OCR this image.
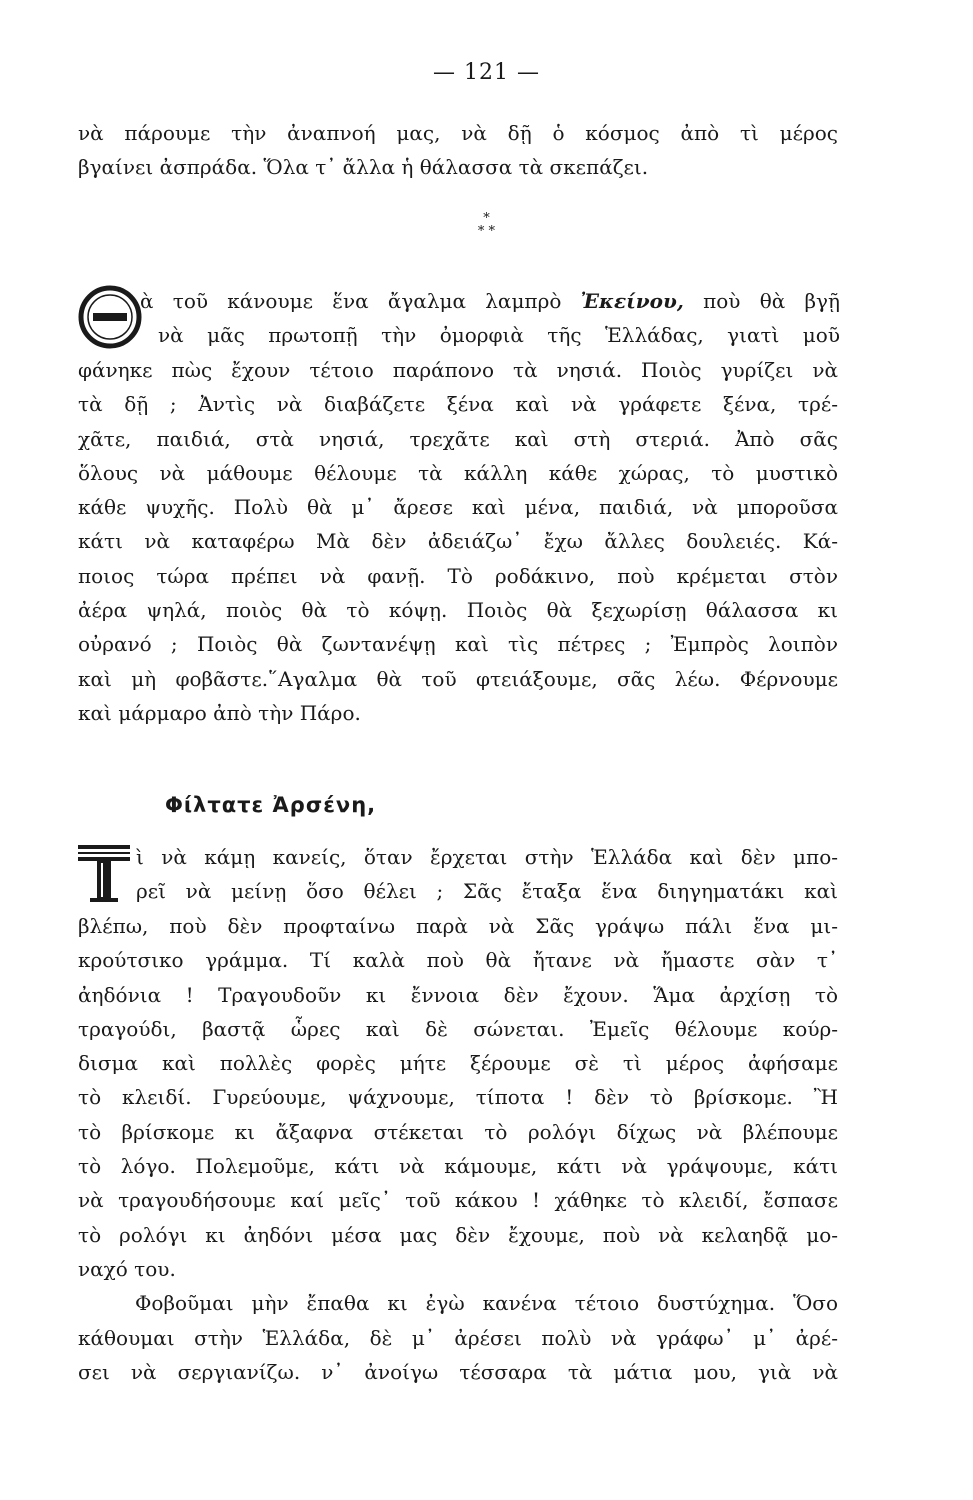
— 121 —
νὰ πάρουμε τὴν ἀναπνοή μας, νὰ δῇ ὁ κόσμος ἀπὸ τὶ μέρος
βγαίνει ἀσπράδα. Ὅλα τ᾽ ἄλλα ἡ θάλασσα τὰ σκεπάζει.
*
* *
ὰ τοῦ κάνουμε ἕνα ἄγαλμα λαμπρὸ Ἐκείνου, ποὺ θὰ βγῇ
νὰ μᾶς πρωτοπῇ τὴν ὀμορφιὰ τῆς Ἑλλάδας, γιατὶ μοῦ
φάνηκε πὼς ἔχουν τέτοιο παράπονο τὰ νησιά. Ποιὸς γυρίζει νὰ
τὰ δῇ ; Ἀντὶς νὰ διαβάζετε ξένα καὶ νὰ γράφετε ξένα, τρέ-
χᾶτε, παιδιά, στὰ νησιά, τρεχᾶτε καὶ στὴ στεριά. Ἀπὸ σᾶς
ὅλους νὰ μάθουμε θέλουμε τὰ κάλλη κάθε χώρας, τὸ μυστικὸ
κάθε ψυχῆς. Πολὺ θὰ μ᾽ ἄρεσε καὶ μένα, παιδιά, νὰ μποροῦσα
κάτι νὰ καταφέρω Μὰ δὲν ἀδειάζω᾽ ἔχω ἄλλες δουλειές. Κά-
ποιος τώρα πρέπει νὰ φανῇ. Τὸ ροδάκινο, ποὺ κρέμεται στὸν
ἀέρα ψηλά, ποιὸς θὰ τὸ κόψῃ. Ποιὸς θὰ ξεχωρίσῃ θάλασσα κι
οὐρανό ; Ποιὸς θὰ ζωντανέψῃ καὶ τὶς πέτρες ; Ἐμπρὸς λοιπὸν
καὶ μὴ φοβᾶστε.῞Αγαλμα θὰ τοῦ φτειάξουμε, σᾶς λέω. Φέρνουμε
καὶ μάρμαρο ἀπὸ τὴν Πάρο.
Φίλτατε Ἀρσένη,
ὶ νὰ κάμῃ κανείς, ὅταν ἔρχεται στὴν Ἑλλάδα καὶ δὲν μπο-
ρεῖ νὰ μείνῃ ὅσο θέλει ; Σᾶς ἔταξα ἕνα διηγηματάκι καὶ
βλέπω, ποὺ δὲν προφταίνω παρὰ νὰ Σᾶς γράψω πάλι ἕνα μι-
κρούτσικο γράμμα. Τί καλὰ ποὺ θὰ ἤτανε νὰ ἤμαστε σὰν τ᾽
ἀηδόνια ! Τραγουδοῦν κι ἔννοια δὲν ἔχουν. Ἅμα ἀρχίσῃ τὸ
τραγούδι, βαστᾷ ὧρες καὶ δὲ σώνεται. Ἐμεῖς θέλουμε κούρ-
δισμα καὶ πολλὲς φορὲς μήτε ξέρουμε σὲ τὶ μέρος ἀφήσαμε
τὸ κλειδί. Γυρεύουμε, ψάχνουμε, τίποτα ! δὲν τὸ βρίσκομε. Ἢ
τὸ βρίσκομε κι ἄξαφνα στέκεται τὸ ρολόγι δίχως νὰ βλέπουμε
τὸ λόγο. Πολεμοῦμε, κάτι νὰ κάμουμε, κάτι νὰ γράψουμε, κάτι
νὰ τραγουδήσουμε καί μεῖς᾽ τοῦ κάκου ! χάθηκε τὸ κλειδί, ἔσπασε
τὸ ρολόγι κι ἀηδόνι μέσα μας δὲν ἔχουμε, ποὺ νὰ κελαηδᾷ μο-
ναχό του.
Φοβοῦμαι μὴν ἔπαθα κι ἐγὼ κανένα τέτοιο δυστύχημα. Ὅσο
κάθουμαι στὴν Ἑλλάδα, δὲ μ᾽ ἀρέσει πολὺ νὰ γράφω᾽ μ᾽ ἀρέ-
σει νὰ σεργιανίζω. ν᾽ ἀνοίγω τέσσαρα τὰ μάτια μου, γιὰ νὰ
